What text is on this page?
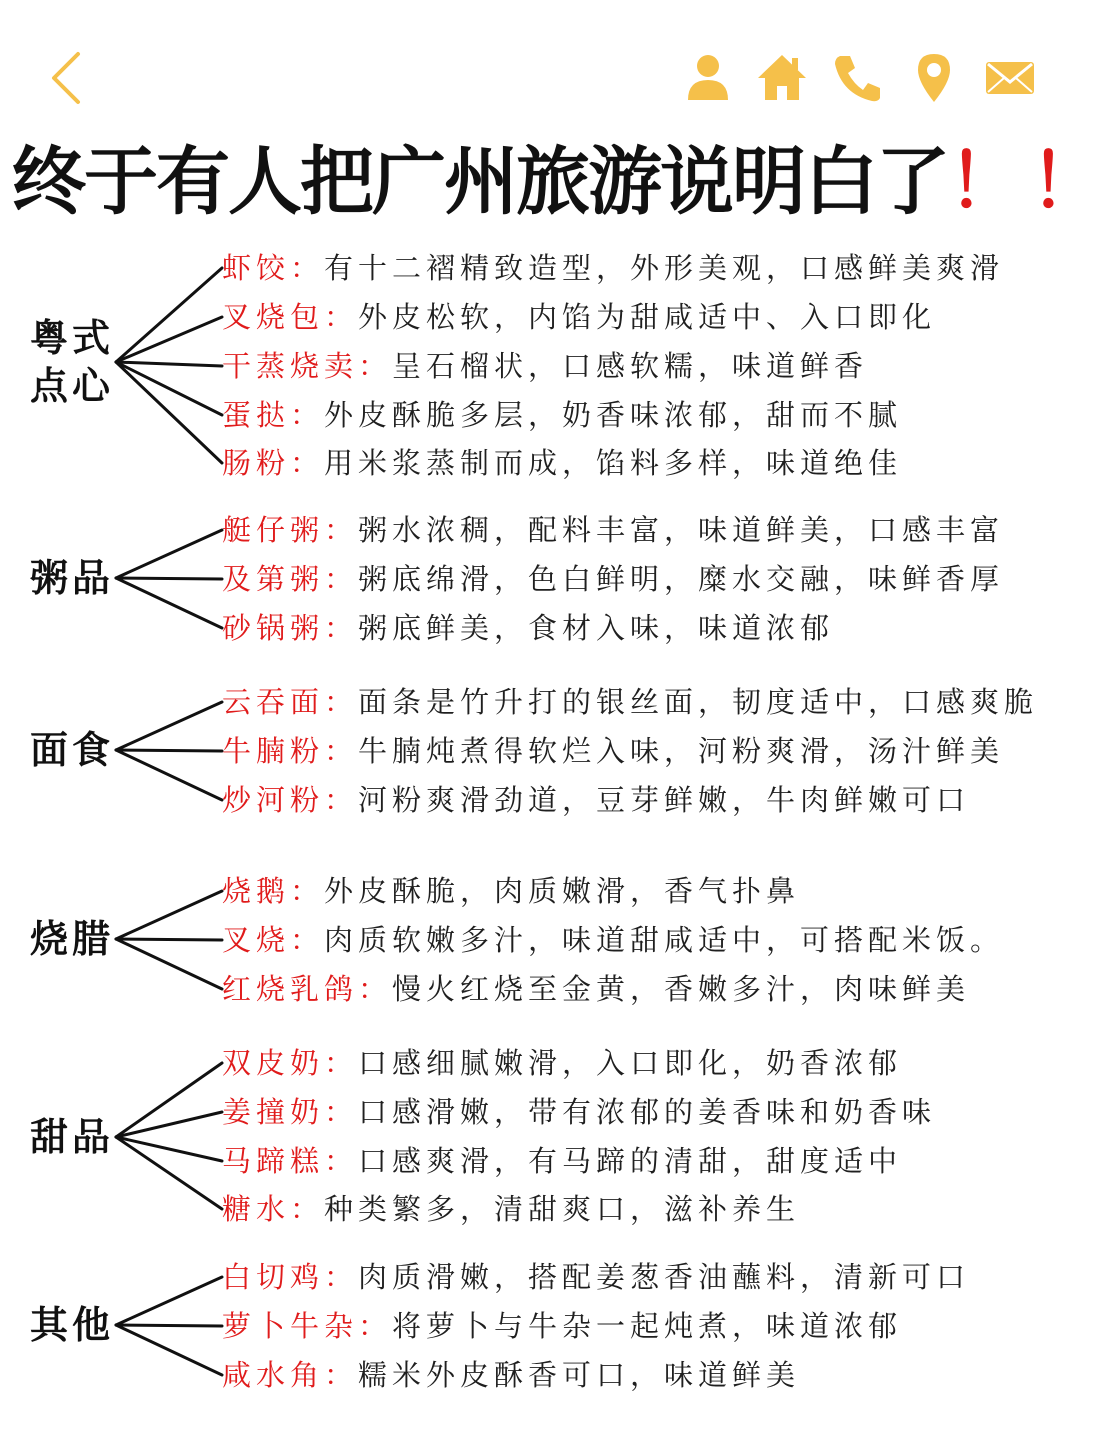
终于有人把广州旅游说明白了！！
粤式
点心
虾饺：有十二褶精致造型，外形美观，口感鲜美爽滑
叉烧包：外皮松软，内馅为甜咸适中、入口即化
干蒸烧卖：呈石榴状，口感软糯，味道鲜香
蛋挞：外皮酥脆多层，奶香味浓郁，甜而不腻
肠粉：用米浆蒸制而成，馅料多样，味道绝佳
粥品
艇仔粥：粥水浓稠，配料丰富，味道鲜美，口感丰富
及第粥：粥底绵滑，色白鲜明，糜水交融，味鲜香厚
砂锅粥：粥底鲜美，食材入味，味道浓郁
面食
云吞面：面条是竹升打的银丝面，韧度适中，口感爽脆
牛腩粉：牛腩炖煮得软烂入味，河粉爽滑，汤汁鲜美
炒河粉：河粉爽滑劲道，豆芽鲜嫩，牛肉鲜嫩可口
烧腊
烧鹅：外皮酥脆，肉质嫩滑，香气扑鼻
叉烧：肉质软嫩多汁，味道甜咸适中，可搭配米饭。
红烧乳鸽：慢火红烧至金黄，香嫩多汁，肉味鲜美
甜品
双皮奶：口感细腻嫩滑，入口即化，奶香浓郁
姜撞奶：口感滑嫩，带有浓郁的姜香味和奶香味
马蹄糕：口感爽滑，有马蹄的清甜，甜度适中
糖水：种类繁多，清甜爽口，滋补养生
其他
白切鸡：肉质滑嫩，搭配姜葱香油蘸料，清新可口
萝卜牛杂：将萝卜与牛杂一起炖煮，味道浓郁
咸水角：糯米外皮酥香可口，味道鲜美
